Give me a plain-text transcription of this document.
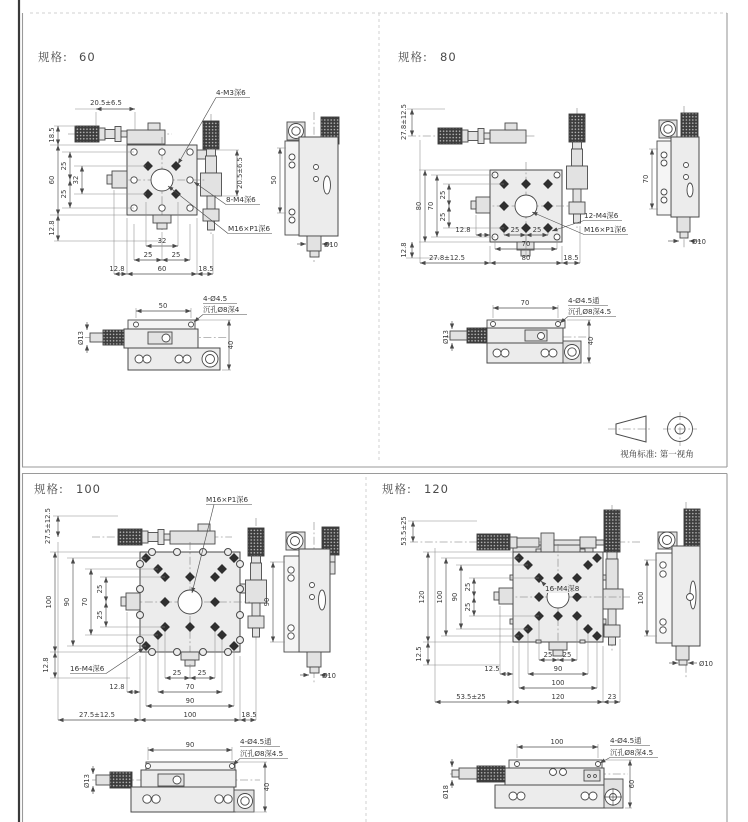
规格: 60
20.5±6.5
18.5
60
25
32
25
12.8
20.5±6.5
32
25	25
12.8	60	18.5
4-M3深6
8-M4深6
M16×P1深6
50
Ø10
50
4-Ø4.5
沉孔Ø8深4
Ø13	40
规格: 80
27.8±12.5
80 70
25
25
12.8
12.8	25 25
70
27.8±12.5	80	18.5
12-M4深6
M16×P1深6
70
Ø10
70	4-Ø4.5通
沉孔Ø8深4.5
Ø13	40
视角标准: 第一视角
规格: 100
M16×P1深6
27.5±12.5
100 90 70
25
25
12.8	16-M4深6	25 25
12.8	70
90
27.5±12.5	100	18.5
90
Ø10
90	4-Ø4.5通
沉孔Ø8深4.5
Ø13	40
规格: 120
16-M4深8
53.5±25
120 100 90
25
25
12.5	25 25
12.5	90
100
53.5±25	120	23
100
Ø10
100	4-Ø4.5通
沉孔Ø8深4.5
Ø18
60
